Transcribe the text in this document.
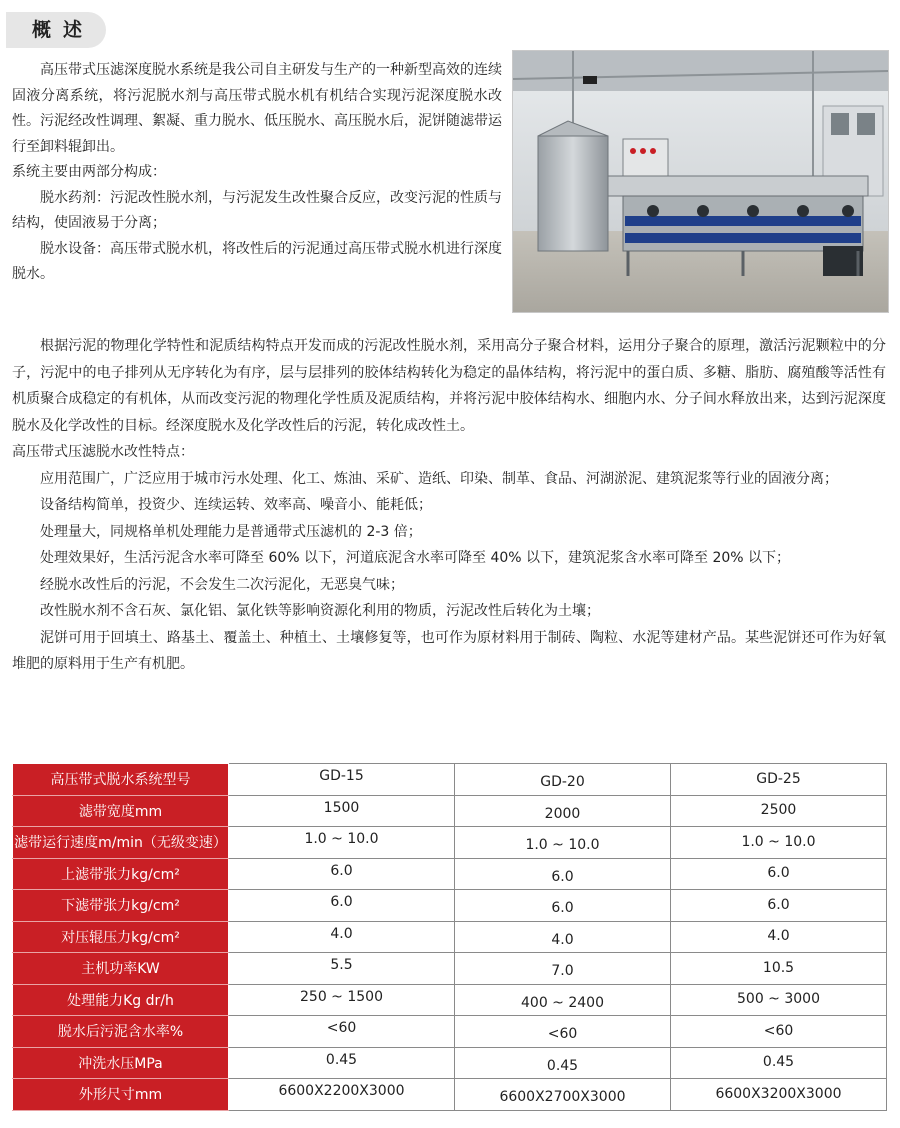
概述

高压带式压滤深度脱水系统是我公司自主研发与生产的一种新型高效的连续固液分离系统，将污泥脱水剂与高压带式脱水机有机结合实现污泥深度脱水改性。污泥经改性调理、絮凝、重力脱水、低压脱水、高压脱水后，泥饼随滤带运行至卸料辊卸出。

系统主要由两部分构成：

脱水药剂：污泥改性脱水剂，与污泥发生改性聚合反应，改变污泥的性质与结构，使固液易于分离；

脱水设备：高压带式脱水机，将改性后的污泥通过高压带式脱水机进行深度脱水。

根据污泥的物理化学特性和泥质结构特点开发而成的污泥改性脱水剂，采用高分子聚合材料，运用分子聚合的原理，激活污泥颗粒中的分子，污泥中的电子排列从无序转化为有序，层与层排列的胶体结构转化为稳定的晶体结构，将污泥中的蛋白质、多糖、脂肪、腐殖酸等活性有机质聚合成稳定的有机体，从而改变污泥的物理化学性质及泥质结构，并将污泥中胶体结构水、细胞内水、分子间水释放出来，达到污泥深度脱水及化学改性的目标。经深度脱水及化学改性后的污泥，转化成改性土。

高压带式压滤脱水改性特点：

应用范围广，广泛应用于城市污水处理、化工、炼油、采矿、造纸、印染、制革、食品、河湖淤泥、建筑泥浆等行业的固液分离；

设备结构简单，投资少、连续运转、效率高、噪音小、能耗低；

处理量大，同规格单机处理能力是普通带式压滤机的 2-3 倍；

处理效果好，生活污泥含水率可降至 60% 以下，河道底泥含水率可降至 40% 以下，建筑泥浆含水率可降至 20% 以下；

经脱水改性后的污泥，不会发生二次污泥化，无恶臭气味；

改性脱水剂不含石灰、氯化铝、氯化铁等影响资源化利用的物质，污泥改性后转化为土壤；

泥饼可用于回填土、路基土、覆盖土、种植土、土壤修复等，也可作为原材料用于制砖、陶粒、水泥等建材产品。某些泥饼还可作为好氧堆肥的原料用于生产有机肥。

高压带式脱水系统型号	GD-15	GD-20	GD-25
滤带宽度mm	1500	2000	2500
滤带运行速度m/min（无级变速）	1.0 ~ 10.0	1.0 ~ 10.0	1.0 ~ 10.0
上滤带张力kg/cm²	6.0	6.0	6.0
下滤带张力kg/cm²	6.0	6.0	6.0
对压辊压力kg/cm²	4.0	4.0	4.0
主机功率KW	5.5	7.0	10.5
处理能力Kg dr/h	250 ~ 1500	400 ~ 2400	500 ~ 3000
脱水后污泥含水率%	<60	<60	<60
冲洗水压MPa	0.45	0.45	0.45
外形尺寸mm	6600X2200X3000	6600X2700X3000	6600X3200X3000
